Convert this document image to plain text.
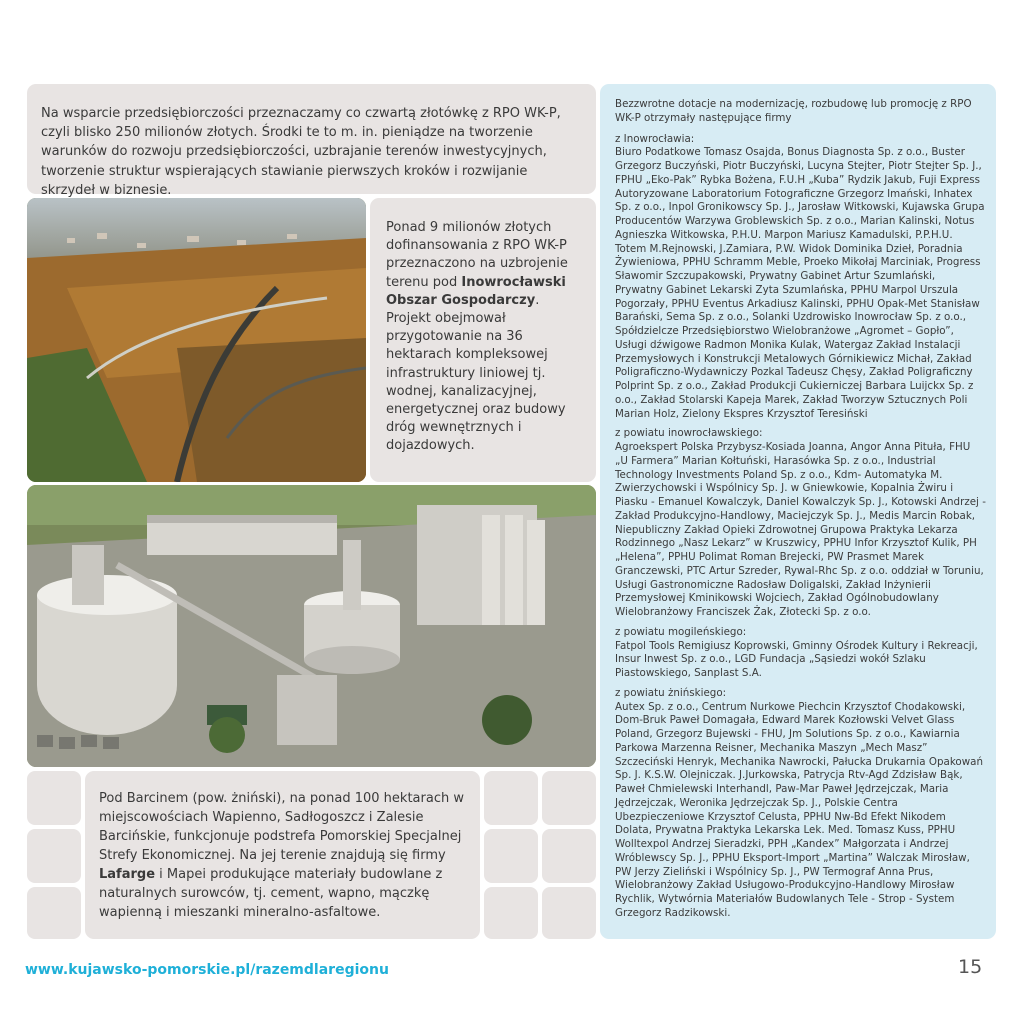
Na wsparcie przedsiębiorczości przeznaczamy co czwartą złotówkę z RPO WK-P, czyli blisko 250 milionów złotych. Środki te to m. in. pieniądze na tworzenie warunków do rozwoju przedsiębiorczości, uzbrajanie terenów inwestycyjnych, tworzenie struktur wspierających stawianie pierwszych kroków i rozwijanie skrzydeł w biznesie.
Ponad 9 milionów złotych dofinansowania z RPO WK-P przeznaczono na uzbrojenie terenu pod Inowrocławski Obszar Gospodarczy. Projekt obejmował przygotowanie na 36 hektarach kompleksowej infrastruktury liniowej tj. wodnej, kanalizacyjnej, energetycznej oraz budowy dróg wewnętrznych i dojazdowych.
Pod Barcinem (pow. żniński), na ponad 100 hektarach w miejscowościach Wapienno, Sadłogoszcz i Zalesie Barcińskie, funkcjonuje podstrefa Pomorskiej Specjalnej Strefy Ekonomicznej. Na jej terenie znajdują się firmy Lafarge i Mapei produkujące materiały budowlane z naturalnych surowców, tj. cement, wapno, mączkę wapienną i mieszanki mineralno-asfaltowe.

Bezzwrotne dotacje na modernizację, rozbudowę lub promocję z RPO WK-P otrzymały następujące firmy

z Inowrocławia:

Biuro Podatkowe Tomasz Osajda, Bonus Diagnosta Sp. z o.o., Buster Grzegorz Buczyński, Piotr Buczyński, Lucyna Stejter, Piotr Stejter Sp. J., FPHU „Eko-Pak” Rybka Bożena, F.U.H „Kuba” Rydzik Jakub, Fuji Express Autoryzowane Laboratorium Fotograficzne Grzegorz Imański, Inhatex Sp. z o.o., Inpol Gronikowscy Sp. J., Jarosław Witkowski, Kujawska Grupa Producentów Warzywa Groblewskich Sp. z o.o., Marian Kalinski, Notus Agnieszka Witkowska, P.H.U. Marpon Mariusz Kamadulski, P.P.H.U. Totem M.Rejnowski, J.Zamiara, P.W. Widok Dominika Dzieł, Poradnia Żywieniowa, PPHU Schramm Meble, Proeko Mikołaj Marciniak, Progress Sławomir Szczupakowski, Prywatny Gabinet Artur Szumlański, Prywatny Gabinet Lekarski Zyta Szumlańska, PPHU Marpol Urszula Pogorzały, PPHU Eventus Arkadiusz Kalinski, PPHU Opak-Met Stanisław Barański, Sema Sp. z o.o., Solanki Uzdrowisko Inowrocław Sp. z o.o., Spółdzielcze Przedsiębiorstwo Wielobranżowe „Agromet – Gopło”, Usługi dźwigowe Radmon Monika Kulak, Watergaz Zakład Instalacji Przemysłowych i Konstrukcji Metalowych Górnikiewicz Michał, Zakład Poligraficzno-Wydawniczy Pozkal Tadeusz Chęsy, Zakład Poligraficzny Polprint Sp. z o.o., Zakład Produkcji Cukierniczej Barbara Luijckx Sp. z o.o., Zakład Stolarski Kapeja Marek, Zakład Tworzyw Sztucznych Poli Marian Holz, Zielony Ekspres Krzysztof Teresiński

z powiatu inowrocławskiego:

Agroekspert Polska Przybysz-Kosiada Joanna, Angor Anna Pituła, FHU „U Farmera” Marian Kołtuński, Harasówka Sp. z o.o., Industrial Technology Investments Poland Sp. z o.o., Kdm- Automatyka M. Zwierzychowski i Wspólnicy Sp. J. w Gniewkowie, Kopalnia Żwiru i Piasku - Emanuel Kowalczyk, Daniel Kowalczyk Sp. J., Kotowski Andrzej - Zakład Produkcyjno-Handlowy, Maciejczyk Sp. J., Medis Marcin Robak, Niepubliczny Zakład Opieki Zdrowotnej Grupowa Praktyka Lekarza Rodzinnego „Nasz Lekarz” w Kruszwicy, PPHU Infor Krzysztof Kulik, PH „Helena”, PPHU Polimat Roman Brejecki, PW Prasmet Marek Granczewski, PTC Artur Szreder, Rywal-Rhc Sp. z o.o. oddział w Toruniu, Usługi Gastronomiczne Radosław Doligalski, Zakład Inżynierii Przemysłowej Kminikowski Wojciech, Zakład Ogólnobudowlany Wielobranżowy Franciszek Żak, Złotecki Sp. z o.o.

z powiatu mogileńskiego:

Fatpol Tools Remigiusz Koprowski, Gminny Ośrodek Kultury i Rekreacji, Insur Inwest Sp. z o.o., LGD Fundacja „Sąsiedzi wokół Szlaku Piastowskiego, Sanplast S.A.

z powiatu żnińskiego:

Autex Sp. z o.o., Centrum Nurkowe Piechcin Krzysztof Chodakowski, Dom-Bruk Paweł Domagała, Edward Marek Kozłowski Velvet Glass Poland, Grzegorz Bujewski - FHU, Jm Solutions Sp. z o.o., Kawiarnia Parkowa Marzenna Reisner, Mechanika Maszyn „Mech Masz” Szczeciński Henryk, Mechanika Nawrocki, Pałucka Drukarnia Opakowań Sp. J. K.S.W. Olejniczak. J.Jurkowska, Patrycja Rtv-Agd Zdzisław Bąk, Paweł Chmielewski Interhandl, Paw-Mar Paweł Jędrzejczak, Maria Jędrzejczak, Weronika Jędrzejczak Sp. J., Polskie Centra Ubezpieczeniowe Krzysztof Celusta, PPHU Nw-Bd Efekt Nikodem Dolata, Prywatna Praktyka Lekarska Lek. Med. Tomasz Kuss, PPHU Wolltexpol Andrzej Sieradzki, PPH „Kandex” Małgorzata i Andrzej Wróblewscy Sp. J., PPHU Eksport-Import „Martina” Walczak Mirosław, PW Jerzy Zieliński i Wspólnicy Sp. J., PW Termograf Anna Prus, Wielobranżowy Zakład Usługowo-Produkcyjno-Handlowy Mirosław Rychlik, Wytwórnia Materiałów Budowlanych Tele - Strop - System Grzegorz Radzikowski.

www.kujawsko-pomorskie.pl/razemdlaregionu	15
